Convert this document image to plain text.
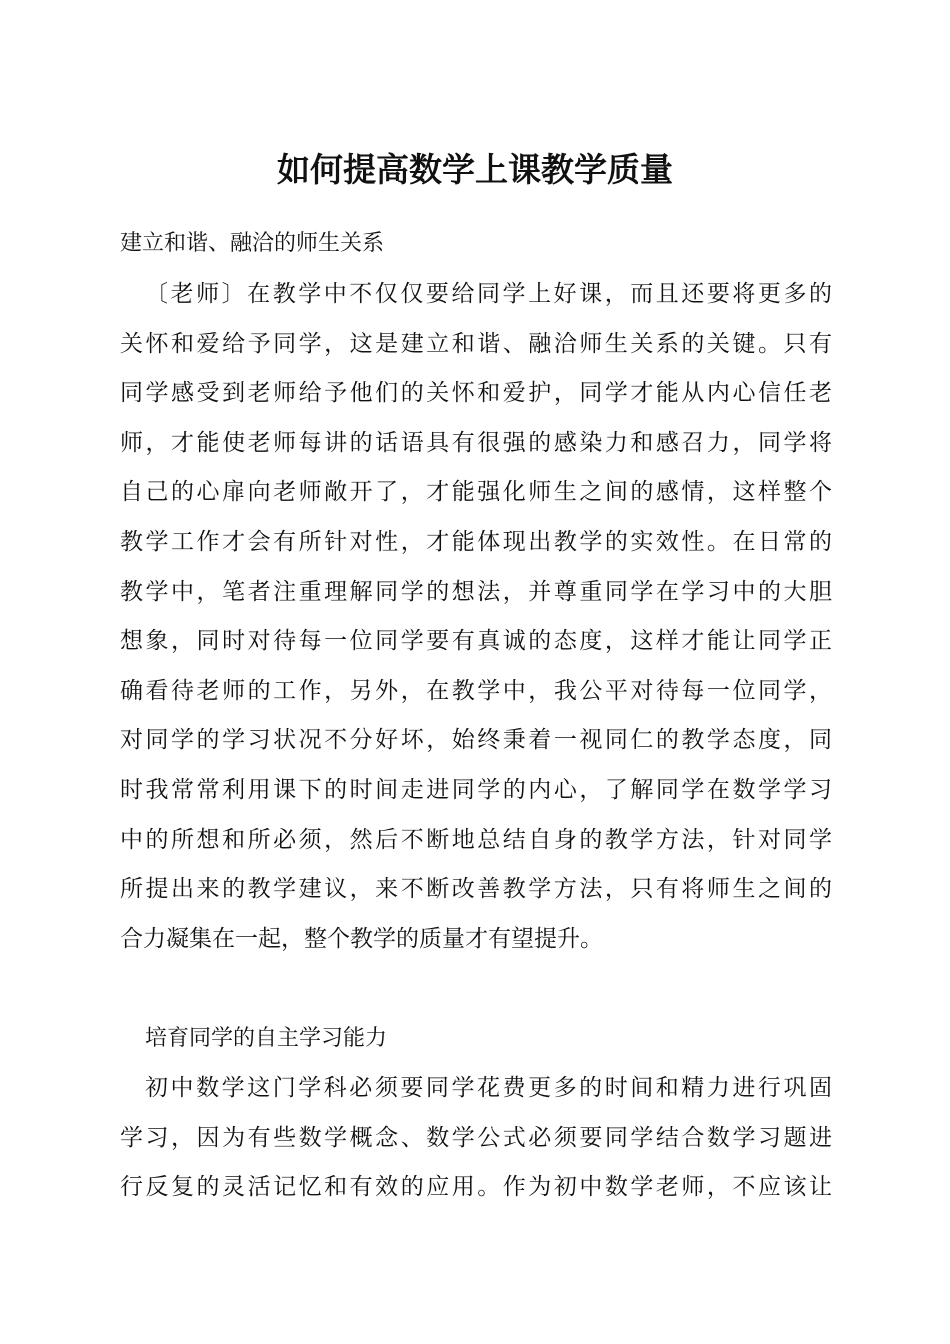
如何提高数学上课教学质量
建立和谐、融洽的师生关系
〔老师〕在教学中不仅仅要给同学上好课，而且还要将更多的
关怀和爱给予同学，这是建立和谐、融洽师生关系的关键。只有
同学感受到老师给予他们的关怀和爱护，同学才能从内心信任老
师，才能使老师每讲的话语具有很强的感染力和感召力，同学将
自己的心扉向老师敞开了，才能强化师生之间的感情，这样整个
教学工作才会有所针对性，才能体现出教学的实效性。在日常的
教学中，笔者注重理解同学的想法，并尊重同学在学习中的大胆
想象，同时对待每一位同学要有真诚的态度，这样才能让同学正
确看待老师的工作，另外，在教学中，我公平对待每一位同学，
对同学的学习状况不分好坏，始终秉着一视同仁的教学态度，同
时我常常利用课下的时间走进同学的内心，了解同学在数学学习
中的所想和所必须，然后不断地总结自身的教学方法，针对同学
所提出来的教学建议，来不断改善教学方法，只有将师生之间的
合力凝集在一起，整个教学的质量才有望提升。
培育同学的自主学习能力
初中数学这门学科必须要同学花费更多的时间和精力进行巩固
学习，因为有些数学概念、数学公式必须要同学结合数学习题进
行反复的灵活记忆和有效的应用。作为初中数学老师，不应该让
